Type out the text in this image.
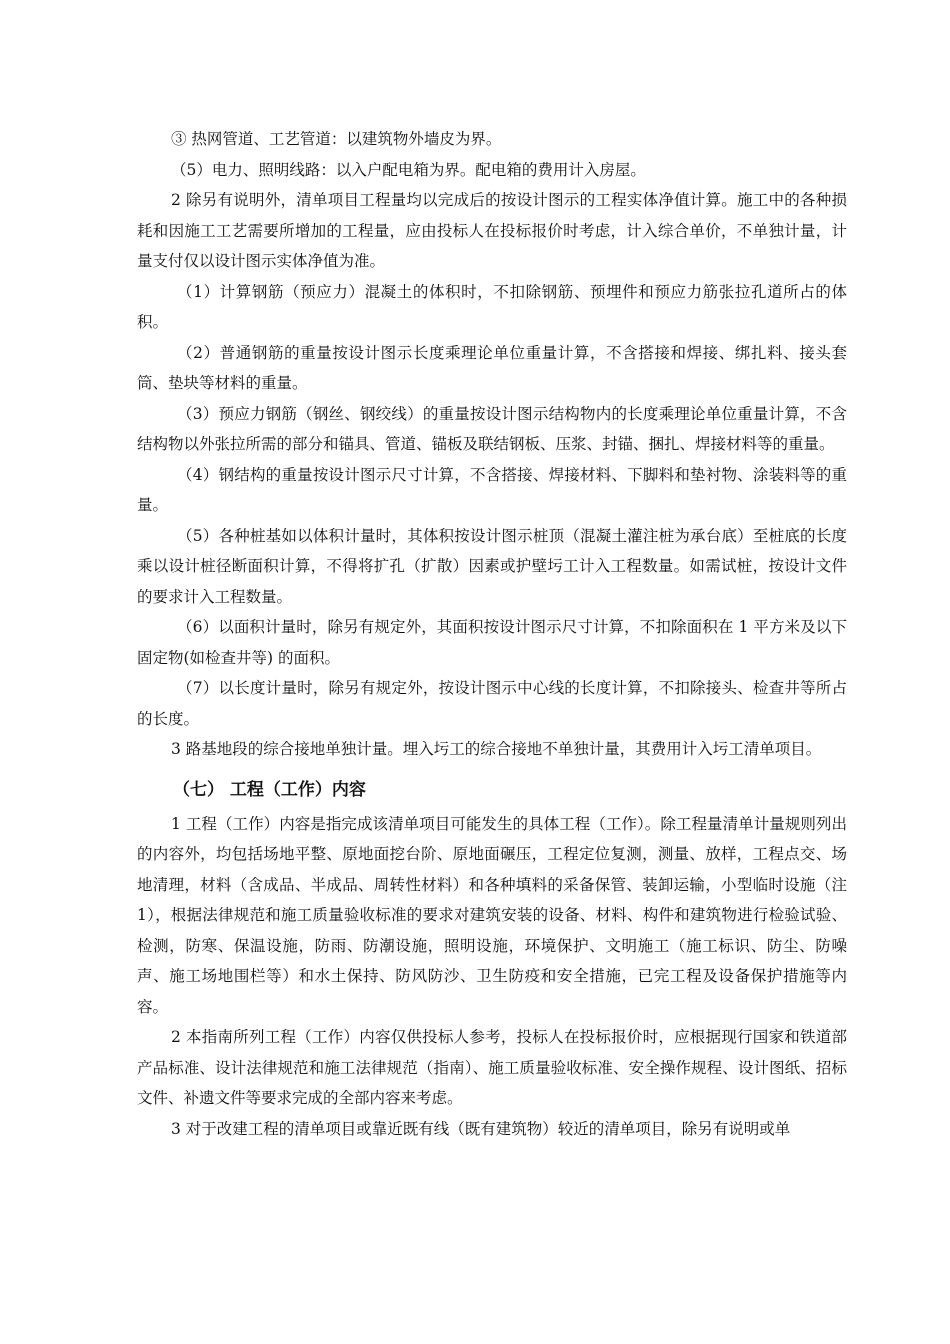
③ 热网管道、工艺管道：以建筑物外墙皮为界。

（5）电力、照明线路：以入户配电箱为界。配电箱的费用计入房屋。

2 除另有说明外，清单项目工程量均以完成后的按设计图示的工程实体净值计算。施工中的各种损耗和因施工工艺需要所增加的工程量，应由投标人在投标报价时考虑，计入综合单价，不单独计量，计量支付仅以设计图示实体净值为准。

（1）计算钢筋（预应力）混凝土的体积时，不扣除钢筋、预埋件和预应力筋张拉孔道所占的体积。

（2）普通钢筋的重量按设计图示长度乘理论单位重量计算，不含搭接和焊接、绑扎料、接头套筒、垫块等材料的重量。

（3）预应力钢筋（钢丝、钢绞线）的重量按设计图示结构物内的长度乘理论单位重量计算，不含结构物以外张拉所需的部分和锚具、管道、锚板及联结钢板、压浆、封锚、捆扎、焊接材料等的重量。

（4）钢结构的重量按设计图示尺寸计算，不含搭接、焊接材料、下脚料和垫衬物、涂装料等的重量。

（5）各种桩基如以体积计量时，其体积按设计图示桩顶（混凝土灌注桩为承台底）至桩底的长度乘以设计桩径断面积计算，不得将扩孔（扩散）因素或护壁圬工计入工程数量。如需试桩，按设计文件的要求计入工程数量。

（6）以面积计量时，除另有规定外，其面积按设计图示尺寸计算，不扣除面积在 1 平方米及以下固定物(如检查井等) 的面积。

（7）以长度计量时，除另有规定外，按设计图示中心线的长度计算，不扣除接头、检查井等所占的长度。

3 路基地段的综合接地单独计量。埋入圬工的综合接地不单独计量，其费用计入圬工清单项目。

（七） 工程（工作）内容

1 工程（工作）内容是指完成该清单项目可能发生的具体工程（工作）。除工程量清单计量规则列出的内容外，均包括场地平整、原地面挖台阶、原地面碾压，工程定位复测，测量、放样，工程点交、场地清理，材料（含成品、半成品、周转性材料）和各种填料的采备保管、装卸运输，小型临时设施（注 1），根据法律规范和施工质量验收标准的要求对建筑安装的设备、材料、构件和建筑物进行检验试验、检测，防寒、保温设施，防雨、防潮设施，照明设施，环境保护、文明施工（施工标识、防尘、防噪声、施工场地围栏等）和水土保持、防风防沙、卫生防疫和安全措施，已完工程及设备保护措施等内容。

2 本指南所列工程（工作）内容仅供投标人参考，投标人在投标报价时，应根据现行国家和铁道部产品标准、设计法律规范和施工法律规范（指南）、施工质量验收标准、安全操作规程、设计图纸、招标文件、补遗文件等要求完成的全部内容来考虑。

3 对于改建工程的清单项目或靠近既有线（既有建筑物）较近的清单项目，除另有说明或单
